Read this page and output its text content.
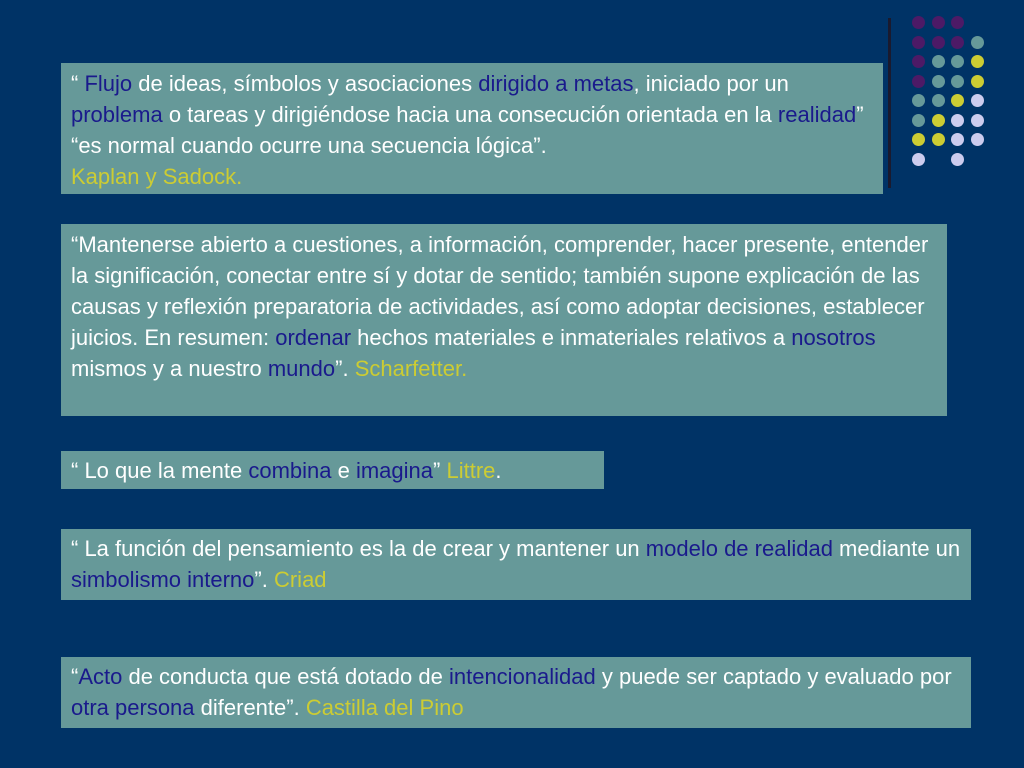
“ Flujo de ideas, símbolos y asociaciones dirigido a metas, iniciado por un problema o tareas y dirigiéndose hacia una consecución orientada en la realidad” “es normal cuando ocurre una secuencia lógica”.
Kaplan y Sadock.
“Mantenerse abierto a cuestiones, a información, comprender, hacer presente, entender la significación, conectar entre sí y dotar de sentido; también supone explicación de las causas y reflexión preparatoria de actividades, así como adoptar decisiones, establecer juicios. En resumen: ordenar hechos materiales e inmateriales relativos a nosotros mismos y a nuestro mundo”. Scharfetter.
“ Lo que la mente combina e imagina” Littre.
“ La función del pensamiento es la de crear y mantener un modelo de realidad mediante un simbolismo interno”. Criad
“Acto de conducta que está dotado de intencionalidad y puede ser captado y evaluado por otra persona diferente”. Castilla del Pino
